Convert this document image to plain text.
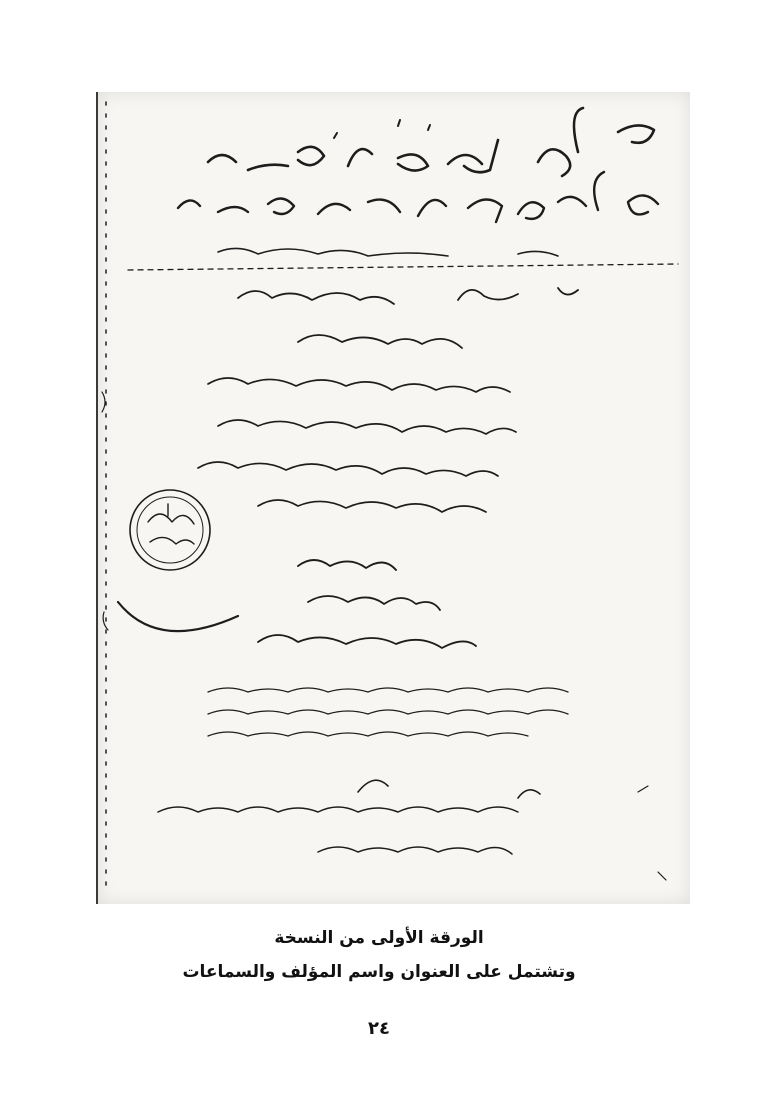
الورقة الأولى من النسخة
وتشتمل على العنوان واسم المؤلف والسماعات
٢٤
